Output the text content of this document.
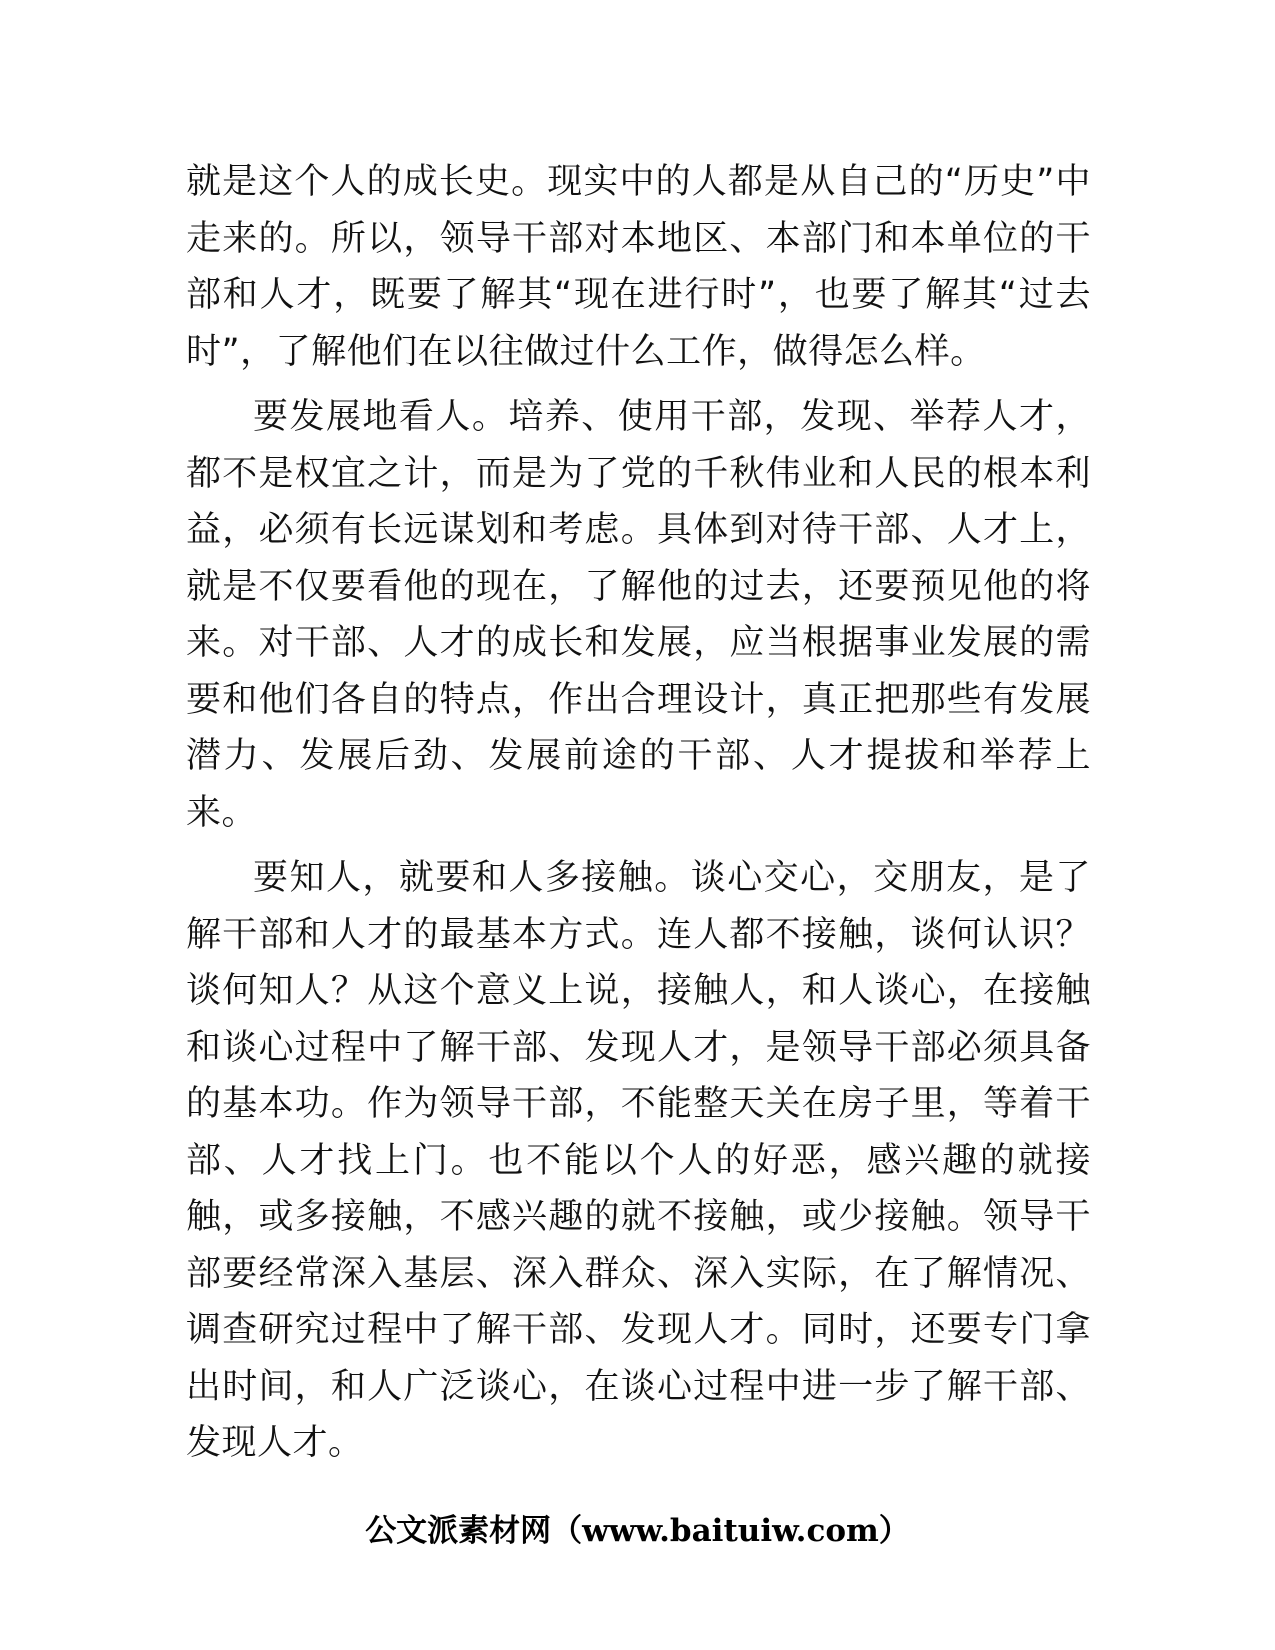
就是这个人的成长史。现实中的人都是从自己的“历史”中走来的。所以，领导干部对本地区、本部门和本单位的干部和人才，既要了解其“现在进行时”，也要了解其“过去时”，了解他们在以往做过什么工作，做得怎么样。

要发展地看人。培养、使用干部，发现、举荐人才，都不是权宜之计，而是为了党的千秋伟业和人民的根本利益，必须有长远谋划和考虑。具体到对待干部、人才上，就是不仅要看他的现在，了解他的过去，还要预见他的将来。对干部、人才的成长和发展，应当根据事业发展的需要和他们各自的特点，作出合理设计，真正把那些有发展潜力、发展后劲、发展前途的干部、人才提拔和举荐上来。

要知人，就要和人多接触。谈心交心，交朋友，是了解干部和人才的最基本方式。连人都不接触，谈何认识？谈何知人？从这个意义上说，接触人，和人谈心，在接触和谈心过程中了解干部、发现人才，是领导干部必须具备的基本功。作为领导干部，不能整天关在房子里，等着干部、人才找上门。也不能以个人的好恶，感兴趣的就接触，或多接触，不感兴趣的就不接触，或少接触。领导干部要经常深入基层、深入群众、深入实际，在了解情况、调查研究过程中了解干部、发现人才。同时，还要专门拿出时间，和人广泛谈心，在谈心过程中进一步了解干部、发现人才。

公文派素材网（www.baituiw.com）
